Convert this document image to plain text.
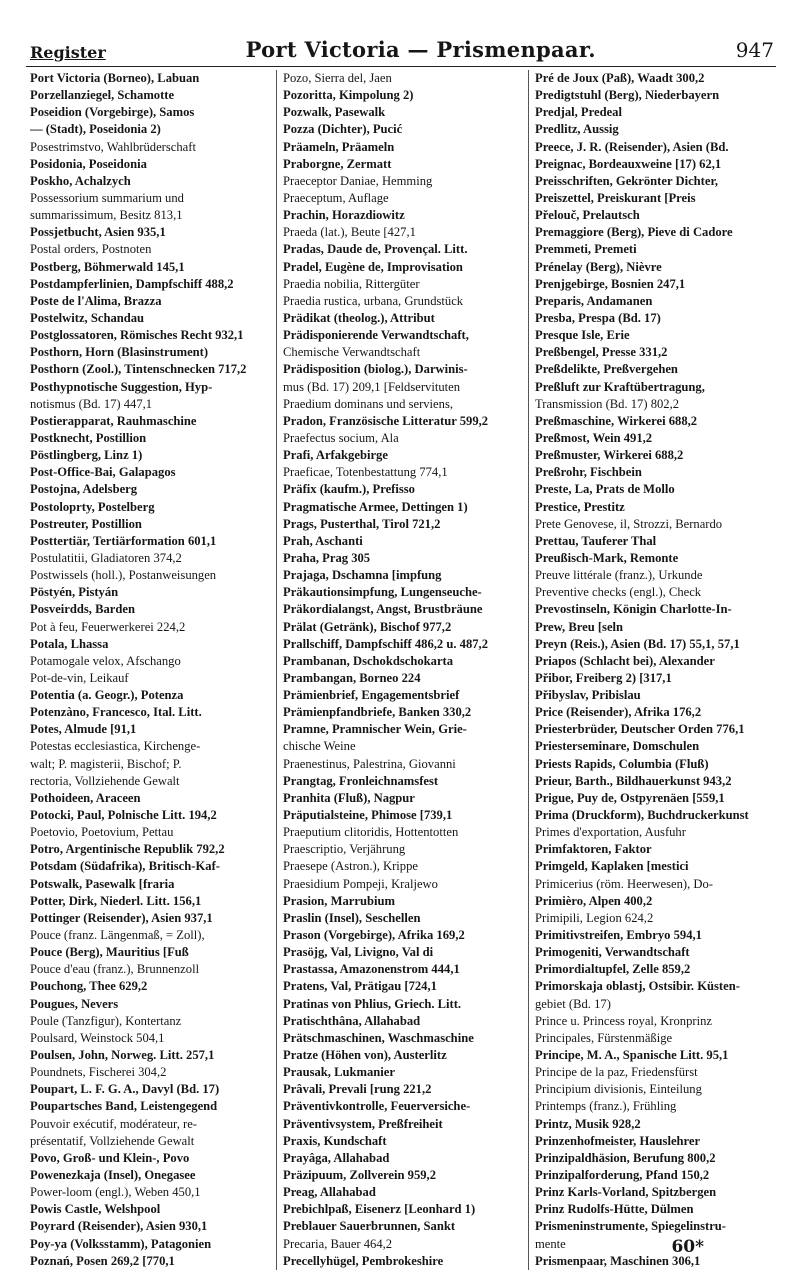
Register	Port Victoria — Prismenpaar.	947
Port Victoria (Borneo), Labuan
Porzellanziegel, Schamotte
Poseidion (Vorgebirge), Samos
— (Stadt), Poseidonia 2)
Posestrimstvo, Wahlbrüderschaft
Posidonia, Poseidonia
Poskho, Achalzych
Possessorium summarium und
summarissimum, Besitz 813,1
Possjetbucht, Asien 935,1
Postal orders, Postnoten
Postberg, Böhmerwald 145,1
Postdampferlinien, Dampfschiff 488,2
Poste de l'Alima, Brazza
Postelwitz, Schandau
Postglossatoren, Römisches Recht 932,1
Posthorn, Horn (Blasinstrument)
Posthorn (Zool.), Tintenschnecken 717,2
Posthypnotische Suggestion, Hyp-
notismus (Bd. 17) 447,1
Postierapparat, Rauhmaschine
Postknecht, Postillion
Pöstlingberg, Linz 1)
Post-Office-Bai, Galapagos
Postojna, Adelsberg
Postoloprty, Postelberg
Postreuter, Postillion
Posttertiär, Tertiärformation 601,1
Postulatitii, Gladiatoren 374,2
Postwissels (holl.), Postanweisungen
Pöstyén, Pistyán
Posveirdds, Barden
Pot à feu, Feuerwerkerei 224,2
Potala, Lhassa
Potamogale velox, Afschango
Pot-de-vin, Leikauf
Potentia (a. Geogr.), Potenza
Potenzàno, Francesco, Ital. Litt.
Potes, Almude [91,1
Potestas ecclesiastica, Kirchenge-
walt; P. magisterii, Bischof; P.
rectoria, Vollziehende Gewalt
Pothoideen, Araceen
Potocki, Paul, Polnische Litt. 194,2
Poetovio, Poetovium, Pettau
Potro, Argentinische Republik 792,2
Potsdam (Südafrika), Britisch-Kaf-
Potswalk, Pasewalk [fraria
Potter, Dirk, Niederl. Litt. 156,1
Pottinger (Reisender), Asien 937,1
Pouce (franz. Längenmaß, = Zoll),
Pouce (Berg), Mauritius [Fuß
Pouce d'eau (franz.), Brunnenzoll
Pouchong, Thee 629,2
Pougues, Nevers
Poule (Tanzfigur), Kontertanz
Poulsard, Weinstock 504,1
Poulsen, John, Norweg. Litt. 257,1
Poundnets, Fischerei 304,2
Poupart, L. F. G. A., Davyl (Bd. 17)
Poupartsches Band, Leistengegend
Pouvoir exécutif, modérateur, re-
présentatif, Vollziehende Gewalt
Povo, Groß- und Klein-, Povo
Powenezkaja (Insel), Onegasee
Power-loom (engl.), Weben 450,1
Powis Castle, Welshpool
Poyrard (Reisender), Asien 930,1
Poy-ya (Volksstamm), Patagonien
Poznań, Posen 269,2 [770,1
Pozo, Sierra del, Jaen
Pozoritta, Kimpolung 2)
Pozwalk, Pasewalk
Pozza (Dichter), Pucić
Präameln, Präameln
Praborgne, Zermatt
Praeceptor Daniae, Hemming
Praeceptum, Auflage
Prachin, Horazdiowitz
Praeda (lat.), Beute [427,1
Pradas, Daude de, Provençal. Litt.
Pradel, Eugène de, Improvisation
Praedia nobilia, Rittergüter
Praedia rustica, urbana, Grundstück
Prädikat (theolog.), Attribut
Prädisponierende Verwandtschaft,
Chemische Verwandtschaft
Prädisposition (biolog.), Darwinis-
mus (Bd. 17) 209,1 [Feldservituten
Praedium dominans und serviens,
Pradon, Französische Litteratur 599,2
Praefectus socium, Ala
Prafi, Arfakgebirge
Praeficae, Totenbestattung 774,1
Präfix (kaufm.), Prefisso
Pragmatische Armee, Dettingen 1)
Prags, Pusterthal, Tirol 721,2
Prah, Aschanti
Praha, Prag 305
Prajaga, Dschamna [impfung
Präkautionsimpfung, Lungenseuche-
Präkordialangst, Angst, Brustbräune
Prälat (Getränk), Bischof 977,2
Prallschiff, Dampfschiff 486,2 u. 487,2
Prambanan, Dschokdschokarta
Prambangan, Borneo 224
Prämienbrief, Engagementsbrief
Prämienpfandbriefe, Banken 330,2
Pramne, Pramnischer Wein, Grie-
chische Weine
Praenestinus, Palestrina, Giovanni
Prangtag, Fronleichnamsfest
Pranhita (Fluß), Nagpur
Präputialsteine, Phimose [739,1
Praeputium clitoridis, Hottentotten
Praescriptio, Verjährung
Praesepe (Astron.), Krippe
Praesidium Pompeji, Kraljewo
Prasion, Marrubium
Praslin (Insel), Seschellen
Prason (Vorgebirge), Afrika 169,2
Prasöjg, Val, Livigno, Val di
Prastassa, Amazonenstrom 444,1
Pratens, Val, Prätigau [724,1
Pratinas von Phlius, Griech. Litt.
Pratischthâna, Allahabad
Prätschmaschinen, Waschmaschine
Pratze (Höhen von), Austerlitz
Prausak, Lukmanier
Prâvali, Prevali [rung 221,2
Präventivkontrolle, Feuerversiche-
Präventivsystem, Preßfreiheit
Praxis, Kundschaft
Prayâga, Allahabad
Präzipuum, Zollverein 959,2
Preag, Allahabad
Prebichlpaß, Eisenerz [Leonhard 1)
Preblauer Sauerbrunnen, Sankt
Precaria, Bauer 464,2
Precellyhügel, Pembrokeshire
Pré de Joux (Paß), Waadt 300,2
Predigtstuhl (Berg), Niederbayern
Predjal, Predeal
Predlitz, Aussig
Preece, J. R. (Reisender), Asien (Bd.
Preignac, Bordeauxweine [17) 62,1
Preisschriften, Gekrönter Dichter,
Preiszettel, Preiskurant [Preis
Přelouč, Prelautsch
Premaggiore (Berg), Pieve di Cadore
Premmeti, Premeti
Prénelay (Berg), Nièvre
Prenjgebirge, Bosnien 247,1
Preparis, Andamanen
Presba, Prespa (Bd. 17)
Presque Isle, Erie
Preßbengel, Presse 331,2
Preßdelikte, Preßvergehen
Preßluft zur Kraftübertragung,
Transmission (Bd. 17) 802,2
Preßmaschine, Wirkerei 688,2
Preßmost, Wein 491,2
Preßmuster, Wirkerei 688,2
Preßrohr, Fischbein
Preste, La, Prats de Mollo
Prestice, Prestitz
Prete Genovese, il, Strozzi, Bernardo
Prettau, Tauferer Thal
Preußisch-Mark, Remonte
Preuve littérale (franz.), Urkunde
Preventive checks (engl.), Check
Prevostinseln, Königin Charlotte-In-
Prew, Breu [seln
Preyn (Reis.), Asien (Bd. 17) 55,1, 57,1
Priapos (Schlacht bei), Alexander
Přibor, Freiberg 2) [317,1
Přibyslav, Pribislau
Price (Reisender), Afrika 176,2
Priesterbrüder, Deutscher Orden 776,1
Priesterseminare, Domschulen
Priests Rapids, Columbia (Fluß)
Prieur, Barth., Bildhauerkunst 943,2
Prigue, Puy de, Ostpyrenäen [559,1
Prima (Druckform), Buchdruckerkunst
Primes d'exportation, Ausfuhr
Primfaktoren, Faktor
Primgeld, Kaplaken [mestici
Primicerius (röm. Heerwesen), Do-
Primièro, Alpen 400,2
Primipili, Legion 624,2
Primitivstreifen, Embryo 594,1
Primogeniti, Verwandtschaft
Primordialtupfel, Zelle 859,2
Primorskaja oblastj, Ostsibir. Küsten-
gebiet (Bd. 17)
Prince u. Princess royal, Kronprinz
Principales, Fürstenmäßige
Principe, M. A., Spanische Litt. 95,1
Principe de la paz, Friedensfürst
Principium divisionis, Einteilung
Printemps (franz.), Frühling
Printz, Musik 928,2
Prinzenhofmeister, Hauslehrer
Prinzipaldhäsion, Berufung 800,2
Prinzipalforderung, Pfand 150,2
Prinz Karls-Vorland, Spitzbergen
Prinz Rudolfs-Hütte, Dülmen
Prismeninstrumente, Spiegelinstru-
mente
Prismenpaar, Maschinen 306,1
60*
